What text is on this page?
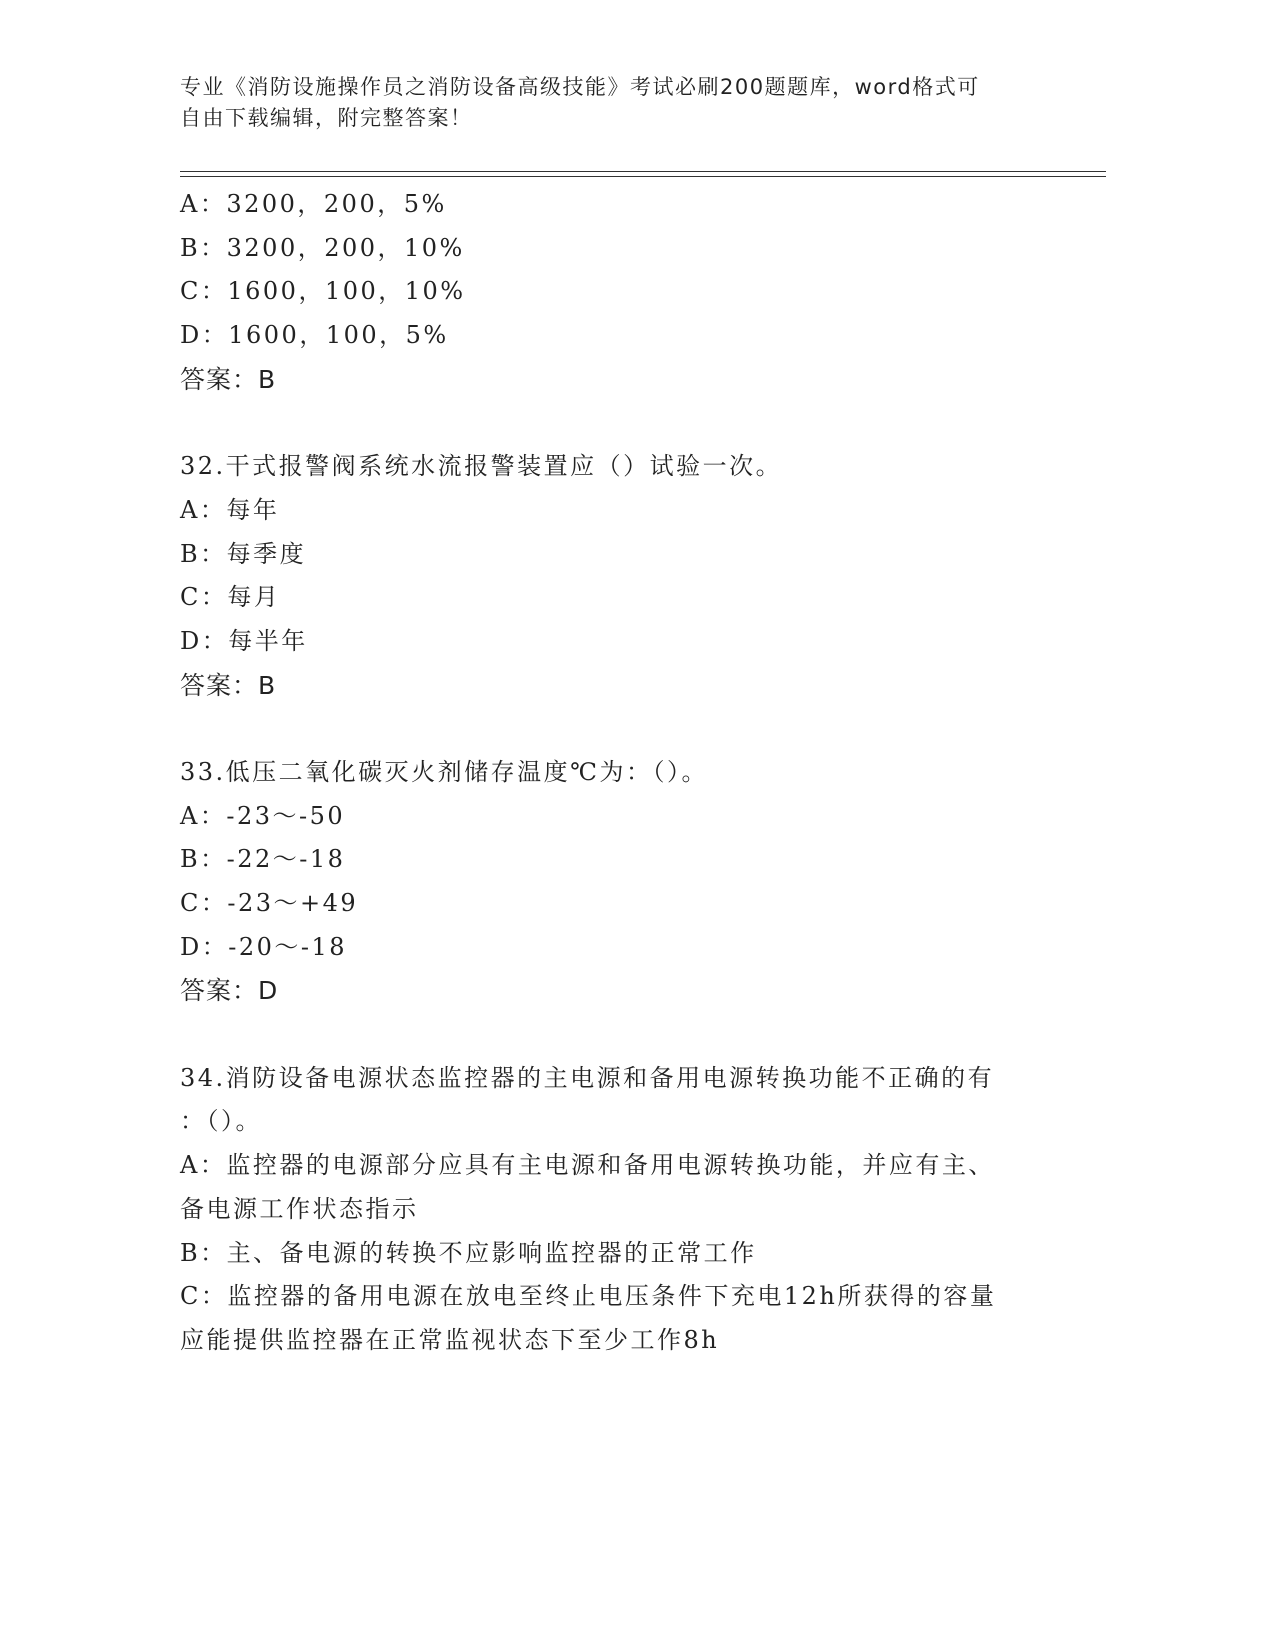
专业《消防设施操作员之消防设备高级技能》考试必刷200题题库，word格式可
自由下载编辑，附完整答案！
A：3200，200，5%
B：3200，200，10%
C：1600，100，10%
D：1600，100，5%
答案：B
32.干式报警阀系统水流报警装置应（）试验一次。
A：每年
B：每季度
C：每月
D：每半年
答案：B
33.低压二氧化碳灭火剂储存温度℃为：（）。
A：-23～-50
B：-22～-18
C：-23～+49
D：-20～-18
答案：D
34.消防设备电源状态监控器的主电源和备用电源转换功能不正确的有
：（）。
A：监控器的电源部分应具有主电源和备用电源转换功能，并应有主、
备电源工作状态指示
B：主、备电源的转换不应影响监控器的正常工作
C：监控器的备用电源在放电至终止电压条件下充电12h所获得的容量
应能提供监控器在正常监视状态下至少工作8h
